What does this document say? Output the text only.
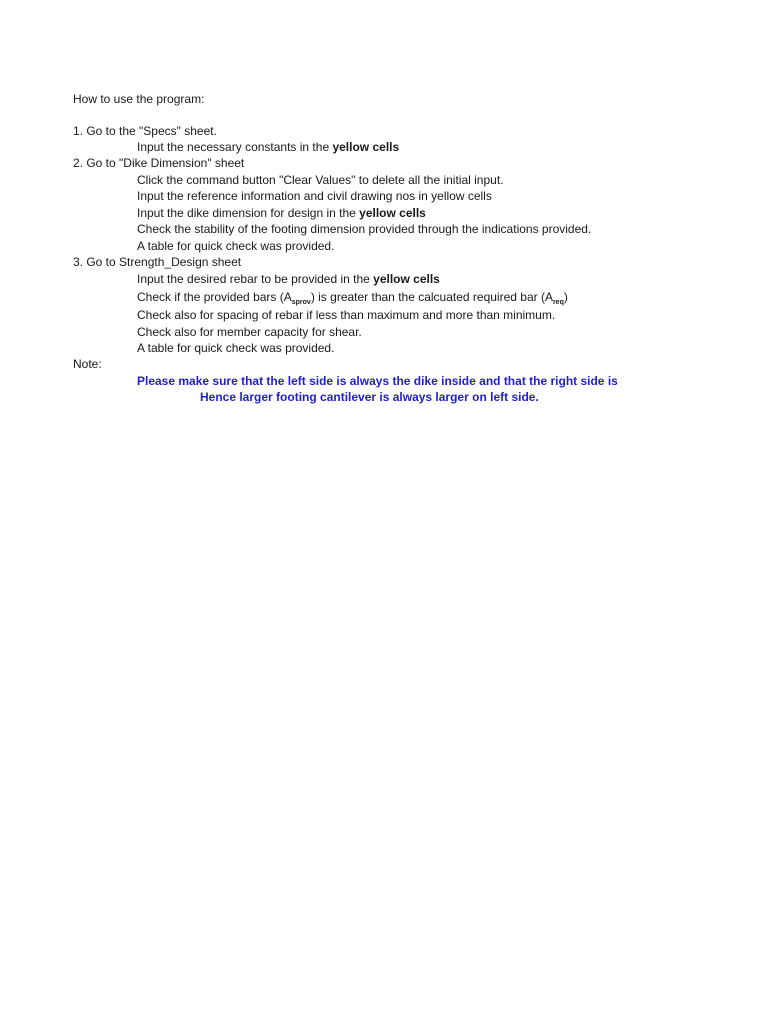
How to use the program:
1. Go to the "Specs" sheet.
Input the necessary constants in the yellow cells
2. Go to "Dike Dimension" sheet
Click the command button "Clear Values" to delete all the initial input.
Input the reference information and civil drawing nos in yellow cells
Input the dike dimension for design in the yellow cells
Check the stability of the footing dimension provided through the indications provided.
A table for quick check was provided.
3. Go to Strength_Design sheet
Input the desired rebar to be provided in the yellow cells
Check if the provided bars $(A_{sprov})$ is greater than the calcuated required bar $(A_{req})$
Check also for spacing of rebar if less than maximum and more than minimum.
Check also for member capacity for shear.
A table for quick check was provided.
Note:
Please make sure that the left side is always the dike inside and that the right side is
Hence larger footing cantilever is always larger on left side.
